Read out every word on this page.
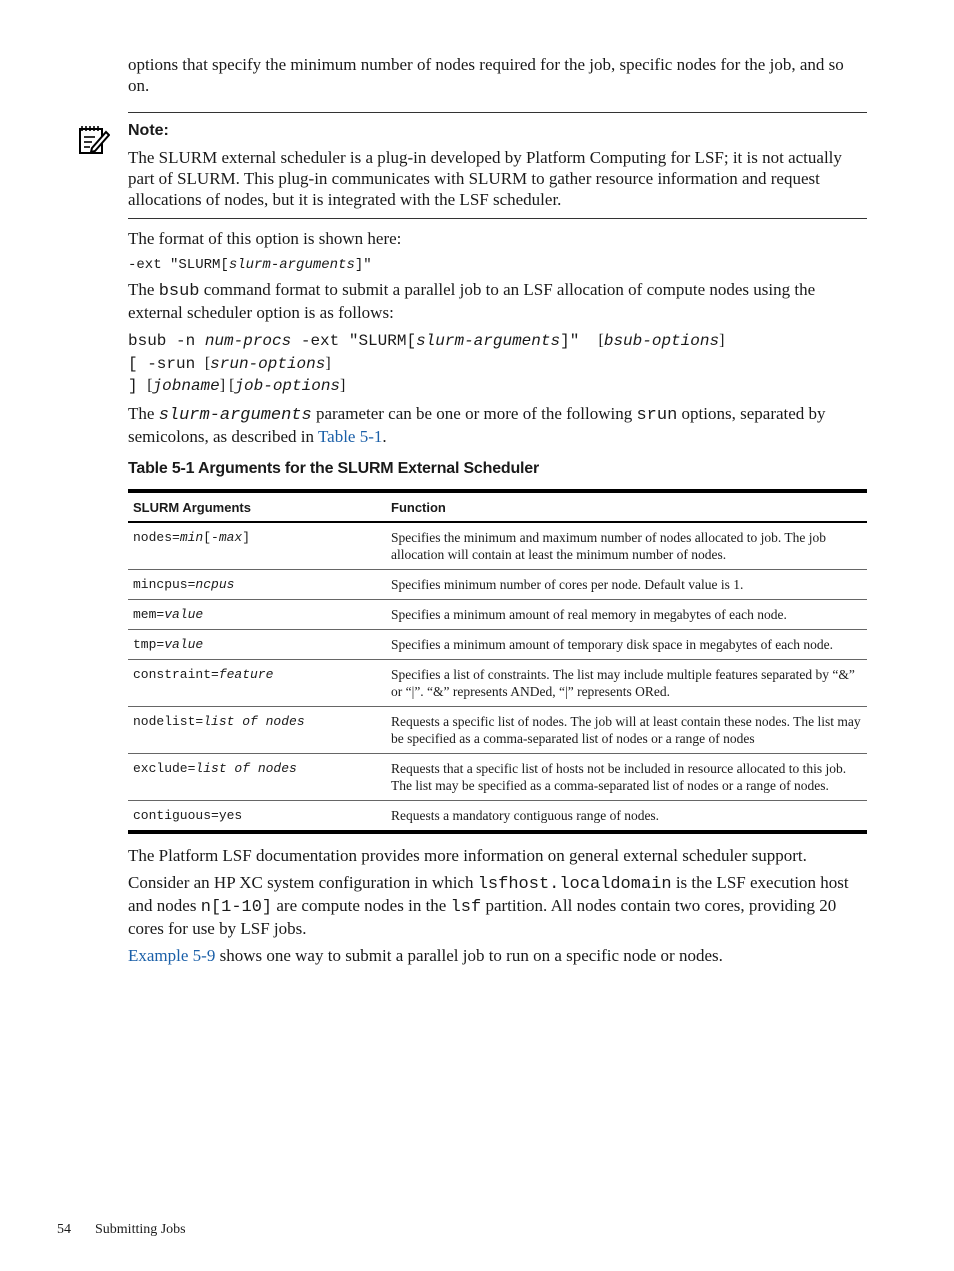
options that specify the minimum number of nodes required for the job, specific nodes for the job, and so on.

Note:

The SLURM external scheduler is a plug-in developed by Platform Computing for LSF; it is not actually part of SLURM. This plug-in communicates with SLURM to gather resource information and request allocations of nodes, but it is integrated with the LSF scheduler.

The format of this option is shown here:

-ext "SLURM[slurm-arguments]"

The bsub command format to submit a parallel job to an LSF allocation of compute nodes using the external scheduler option is as follows:

bsub -n num-procs -ext "SLURM[slurm-arguments]"  [bsub-options]
[ -srun [srun-options]
] [jobname] [job-options]

The slurm-arguments parameter can be one or more of the following srun options, separated by semicolons, as described in Table 5-1.

Table 5-1 Arguments for the SLURM External Scheduler
SLURM Arguments	Function
nodes=min[-max]	Specifies the minimum and maximum number of nodes allocated to job. The job allocation will contain at least the minimum number of nodes.
mincpus=ncpus	Specifies minimum number of cores per node. Default value is 1.
mem=value	Specifies a minimum amount of real memory in megabytes of each node.
tmp=value	Specifies a minimum amount of temporary disk space in megabytes of each node.
constraint=feature	Specifies a list of constraints. The list may include multiple features separated by “&” or “|”. “&” represents ANDed, “|” represents ORed.
nodelist=list of nodes	Requests a specific list of nodes. The job will at least contain these nodes. The list may be specified as a comma-separated list of nodes or a range of nodes
exclude=list of nodes	Requests that a specific list of hosts not be included in resource allocated to this job. The list may be specified as a comma-separated list of nodes or a range of nodes.
contiguous=yes	Requests a mandatory contiguous range of nodes.

The Platform LSF documentation provides more information on general external scheduler support.

Consider an HP XC system configuration in which lsfhost.localdomain is the LSF execution host and nodes n[1-10] are compute nodes in the lsf partition. All nodes contain two cores, providing 20 cores for use by LSF jobs.

Example 5-9 shows one way to submit a parallel job to run on a specific node or nodes.

54 Submitting Jobs
